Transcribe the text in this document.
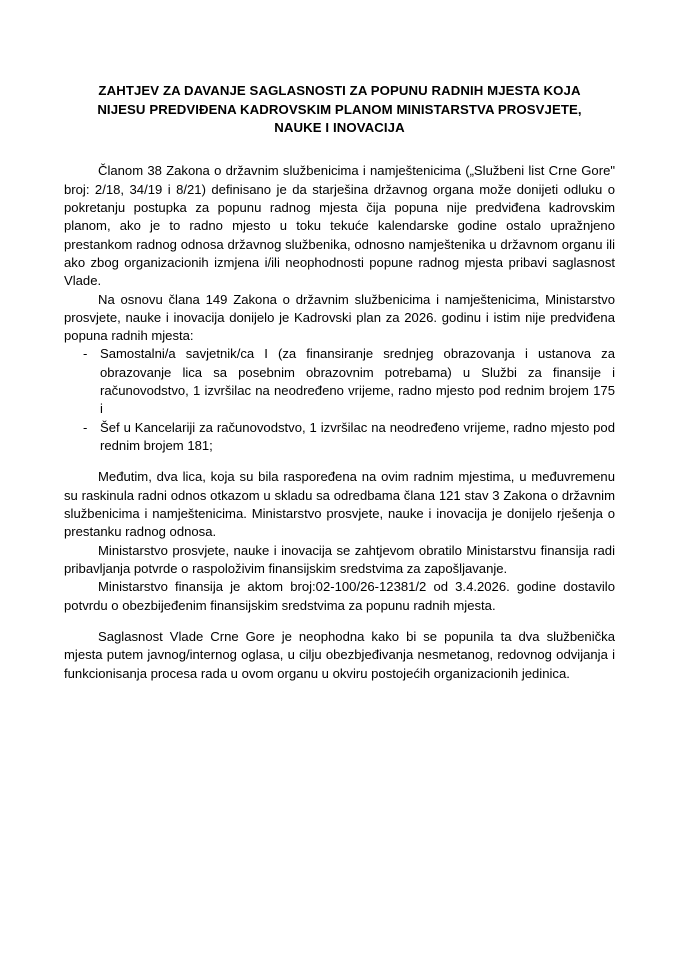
ZAHTJEV ZA DAVANJE SAGLASNOSTI ZA POPUNU RADNIH MJESTA KOJA
NIJESU PREDVIĐENA KADROVSKIM PLANOM MINISTARSTVA PROSVJETE,
NAUKE I INOVACIJA

Članom 38 Zakona o državnim službenicima i namještenicima („Službeni list Crne Gore" broj: 2/18, 34/19 i 8/21) definisano je da starješina državnog organa može donijeti odluku o pokretanju postupka za popunu radnog mjesta čija popuna nije predviđena kadrovskim planom, ako je to radno mjesto u toku tekuće kalendarske godine ostalo upražnjeno prestankom radnog odnosa državnog službenika, odnosno namještenika u državnom organu ili ako zbog organizacionih izmjena i/ili neophodnosti popune radnog mjesta pribavi saglasnost Vlade.

Na osnovu člana 149 Zakona o državnim službenicima i namještenicima, Ministarstvo prosvjete, nauke i inovacija donijelo je Kadrovski plan za 2026. godinu i istim nije predviđena popuna radnih mjesta:

- Samostalni/a savjetnik/ca I (za finansiranje srednjeg obrazovanja i ustanova za obrazovanje lica sa posebnim obrazovnim potrebama) u Službi za finansije i računovodstvo, 1 izvršilac na neodređeno vrijeme, radno mjesto pod rednim brojem 175 i
- Šef u Kancelariji za računovodstvo, 1 izvršilac na neodređeno vrijeme, radno mjesto pod rednim brojem 181;

Međutim, dva lica, koja su bila raspoređena na ovim radnim mjestima, u međuvremenu su raskinula radni odnos otkazom u skladu sa odredbama člana 121 stav 3 Zakona o državnim službenicima i namještenicima. Ministarstvo prosvjete, nauke i inovacija je donijelo rješenja o prestanku radnog odnosa.

Ministarstvo prosvjete, nauke i inovacija se zahtjevom obratilo Ministarstvu finansija radi pribavljanja potvrde o raspoloživim finansijskim sredstvima za zapošljavanje.

Ministarstvo finansija je aktom broj:02-100/26-12381/2 od 3.4.2026. godine dostavilo potvrdu o obezbijeđenim finansijskim sredstvima za popunu radnih mjesta.

Saglasnost Vlade Crne Gore je neophodna kako bi se popunila ta dva službenička mjesta putem javnog/internog oglasa, u cilju obezbjeđivanja nesmetanog, redovnog odvijanja i funkcionisanja procesa rada u ovom organu u okviru postojećih organizacionih jedinica.
